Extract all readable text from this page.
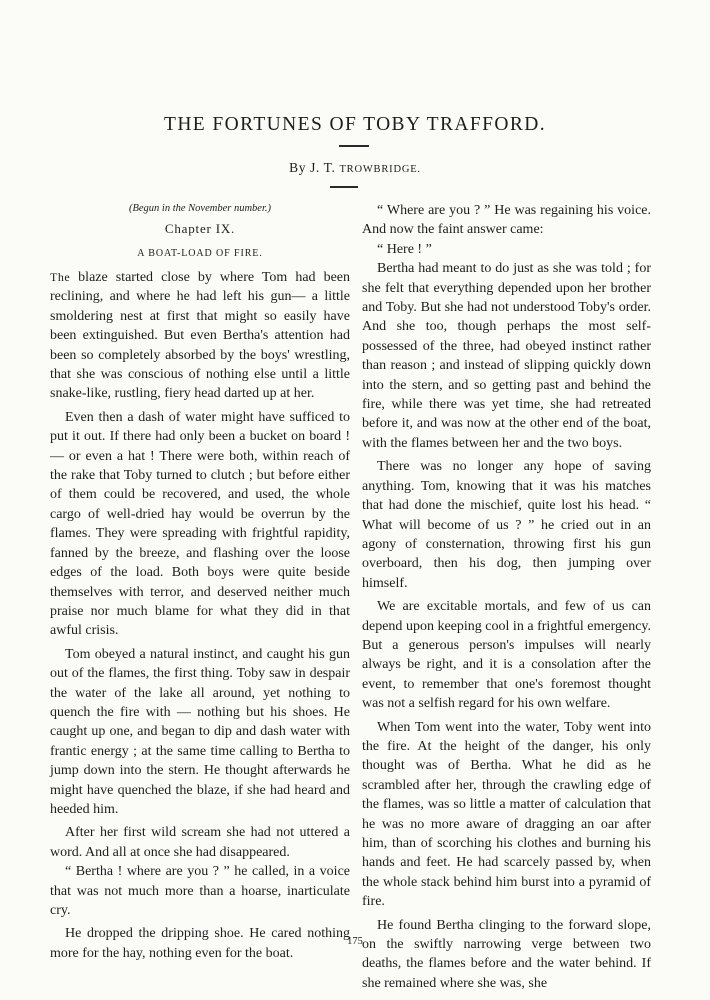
THE FORTUNES OF TOBY TRAFFORD.
By J. T. TROWBRIDGE.
(Begun in the November number.)
Chapter IX.
A BOAT-LOAD OF FIRE.

The blaze started close by where Tom had been reclining, and where he had left his gun— a little smoldering nest at first that might so easily have been extinguished. But even Bertha's attention had been so completely absorbed by the boys' wrestling, that she was conscious of nothing else until a little snake-like, rustling, fiery head darted up at her.

Even then a dash of water might have sufficed to put it out. If there had only been a bucket on board ! — or even a hat ! There were both, within reach of the rake that Toby turned to clutch ; but before either of them could be recovered, and used, the whole cargo of well-dried hay would be overrun by the flames. They were spreading with frightful rapidity, fanned by the breeze, and flashing over the loose edges of the load. Both boys were quite beside themselves with terror, and deserved neither much praise nor much blame for what they did in that awful crisis.

Tom obeyed a natural instinct, and caught his gun out of the flames, the first thing. Toby saw in despair the water of the lake all around, yet nothing to quench the fire with — nothing but his shoes. He caught up one, and began to dip and dash water with frantic energy ; at the same time calling to Bertha to jump down into the stern. He thought afterwards he might have quenched the blaze, if she had heard and heeded him.

After her first wild scream she had not uttered a word. And all at once she had disappeared.

“ Bertha ! where are you ? ” he called, in a voice that was not much more than a hoarse, inarticulate cry.

He dropped the dripping shoe. He cared nothing more for the hay, nothing even for the boat.

“ Where are you ? ” He was regaining his voice. And now the faint answer came:

“ Here ! ”

Bertha had meant to do just as she was told ; for she felt that everything depended upon her brother and Toby. But she had not understood Toby's order. And she too, though perhaps the most self-possessed of the three, had obeyed instinct rather than reason ; and instead of slipping quickly down into the stern, and so getting past and behind the fire, while there was yet time, she had retreated before it, and was now at the other end of the boat, with the flames between her and the two boys.

There was no longer any hope of saving anything. Tom, knowing that it was his matches that had done the mischief, quite lost his head. “ What will become of us ? ” he cried out in an agony of consternation, throwing first his gun overboard, then his dog, then jumping over himself.

We are excitable mortals, and few of us can depend upon keeping cool in a frightful emergency. But a generous person's impulses will nearly always be right, and it is a consolation after the event, to remember that one's foremost thought was not a selfish regard for his own welfare.

When Tom went into the water, Toby went into the fire. At the height of the danger, his only thought was of Bertha. What he did as he scrambled after her, through the crawling edge of the flames, was so little a matter of calculation that he was no more aware of dragging an oar after him, than of scorching his clothes and burning his hands and feet. He had scarcely passed by, when the whole stack behind him burst into a pyramid of fire.

He found Bertha clinging to the forward slope, on the swiftly narrowing verge between two deaths, the flames before and the water behind. If she remained where she was, she

175
